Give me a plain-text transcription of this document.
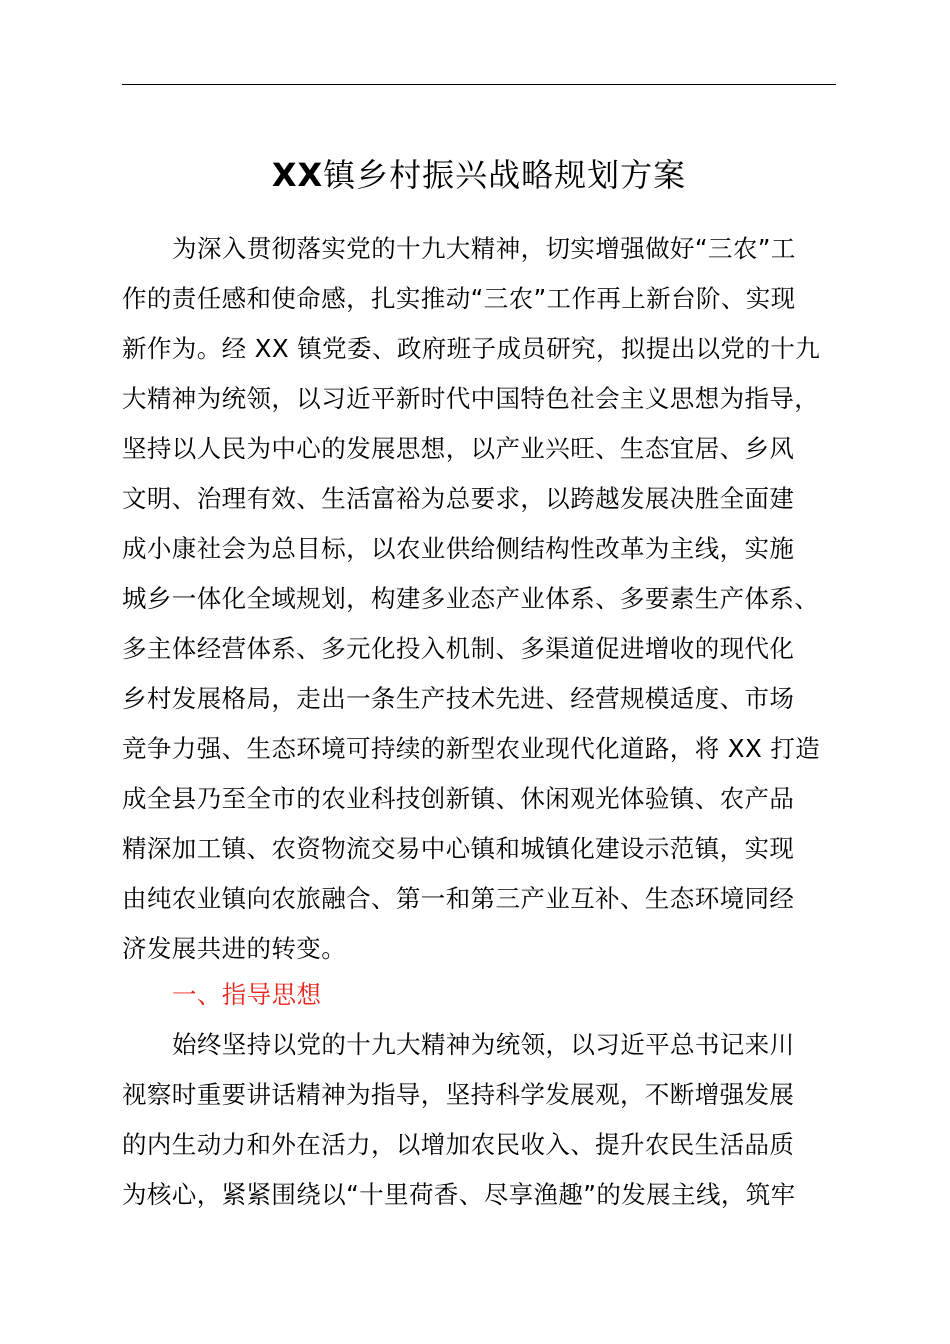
XX镇乡村振兴战略规划方案
为深入贯彻落实党的十九大精神，切实增强做好“三农”工
作的责任感和使命感，扎实推动“三农”工作再上新台阶、实现
新作为。经 XX 镇党委、政府班子成员研究，拟提出以党的十九
大精神为统领，以习近平新时代中国特色社会主义思想为指导，
坚持以人民为中心的发展思想，以产业兴旺、生态宜居、乡风
文明、治理有效、生活富裕为总要求，以跨越发展决胜全面建
成小康社会为总目标，以农业供给侧结构性改革为主线，实施
城乡一体化全域规划，构建多业态产业体系、多要素生产体系、
多主体经营体系、多元化投入机制、多渠道促进增收的现代化
乡村发展格局，走出一条生产技术先进、经营规模适度、市场
竞争力强、生态环境可持续的新型农业现代化道路，将 XX 打造
成全县乃至全市的农业科技创新镇、休闲观光体验镇、农产品
精深加工镇、农资物流交易中心镇和城镇化建设示范镇，实现
由纯农业镇向农旅融合、第一和第三产业互补、生态环境同经
济发展共进的转变。
一、指导思想
始终坚持以党的十九大精神为统领，以习近平总书记来川
视察时重要讲话精神为指导，坚持科学发展观，不断增强发展
的内生动力和外在活力，以增加农民收入、提升农民生活品质
为核心，紧紧围绕以“十里荷香、尽享渔趣”的发展主线，筑牢
